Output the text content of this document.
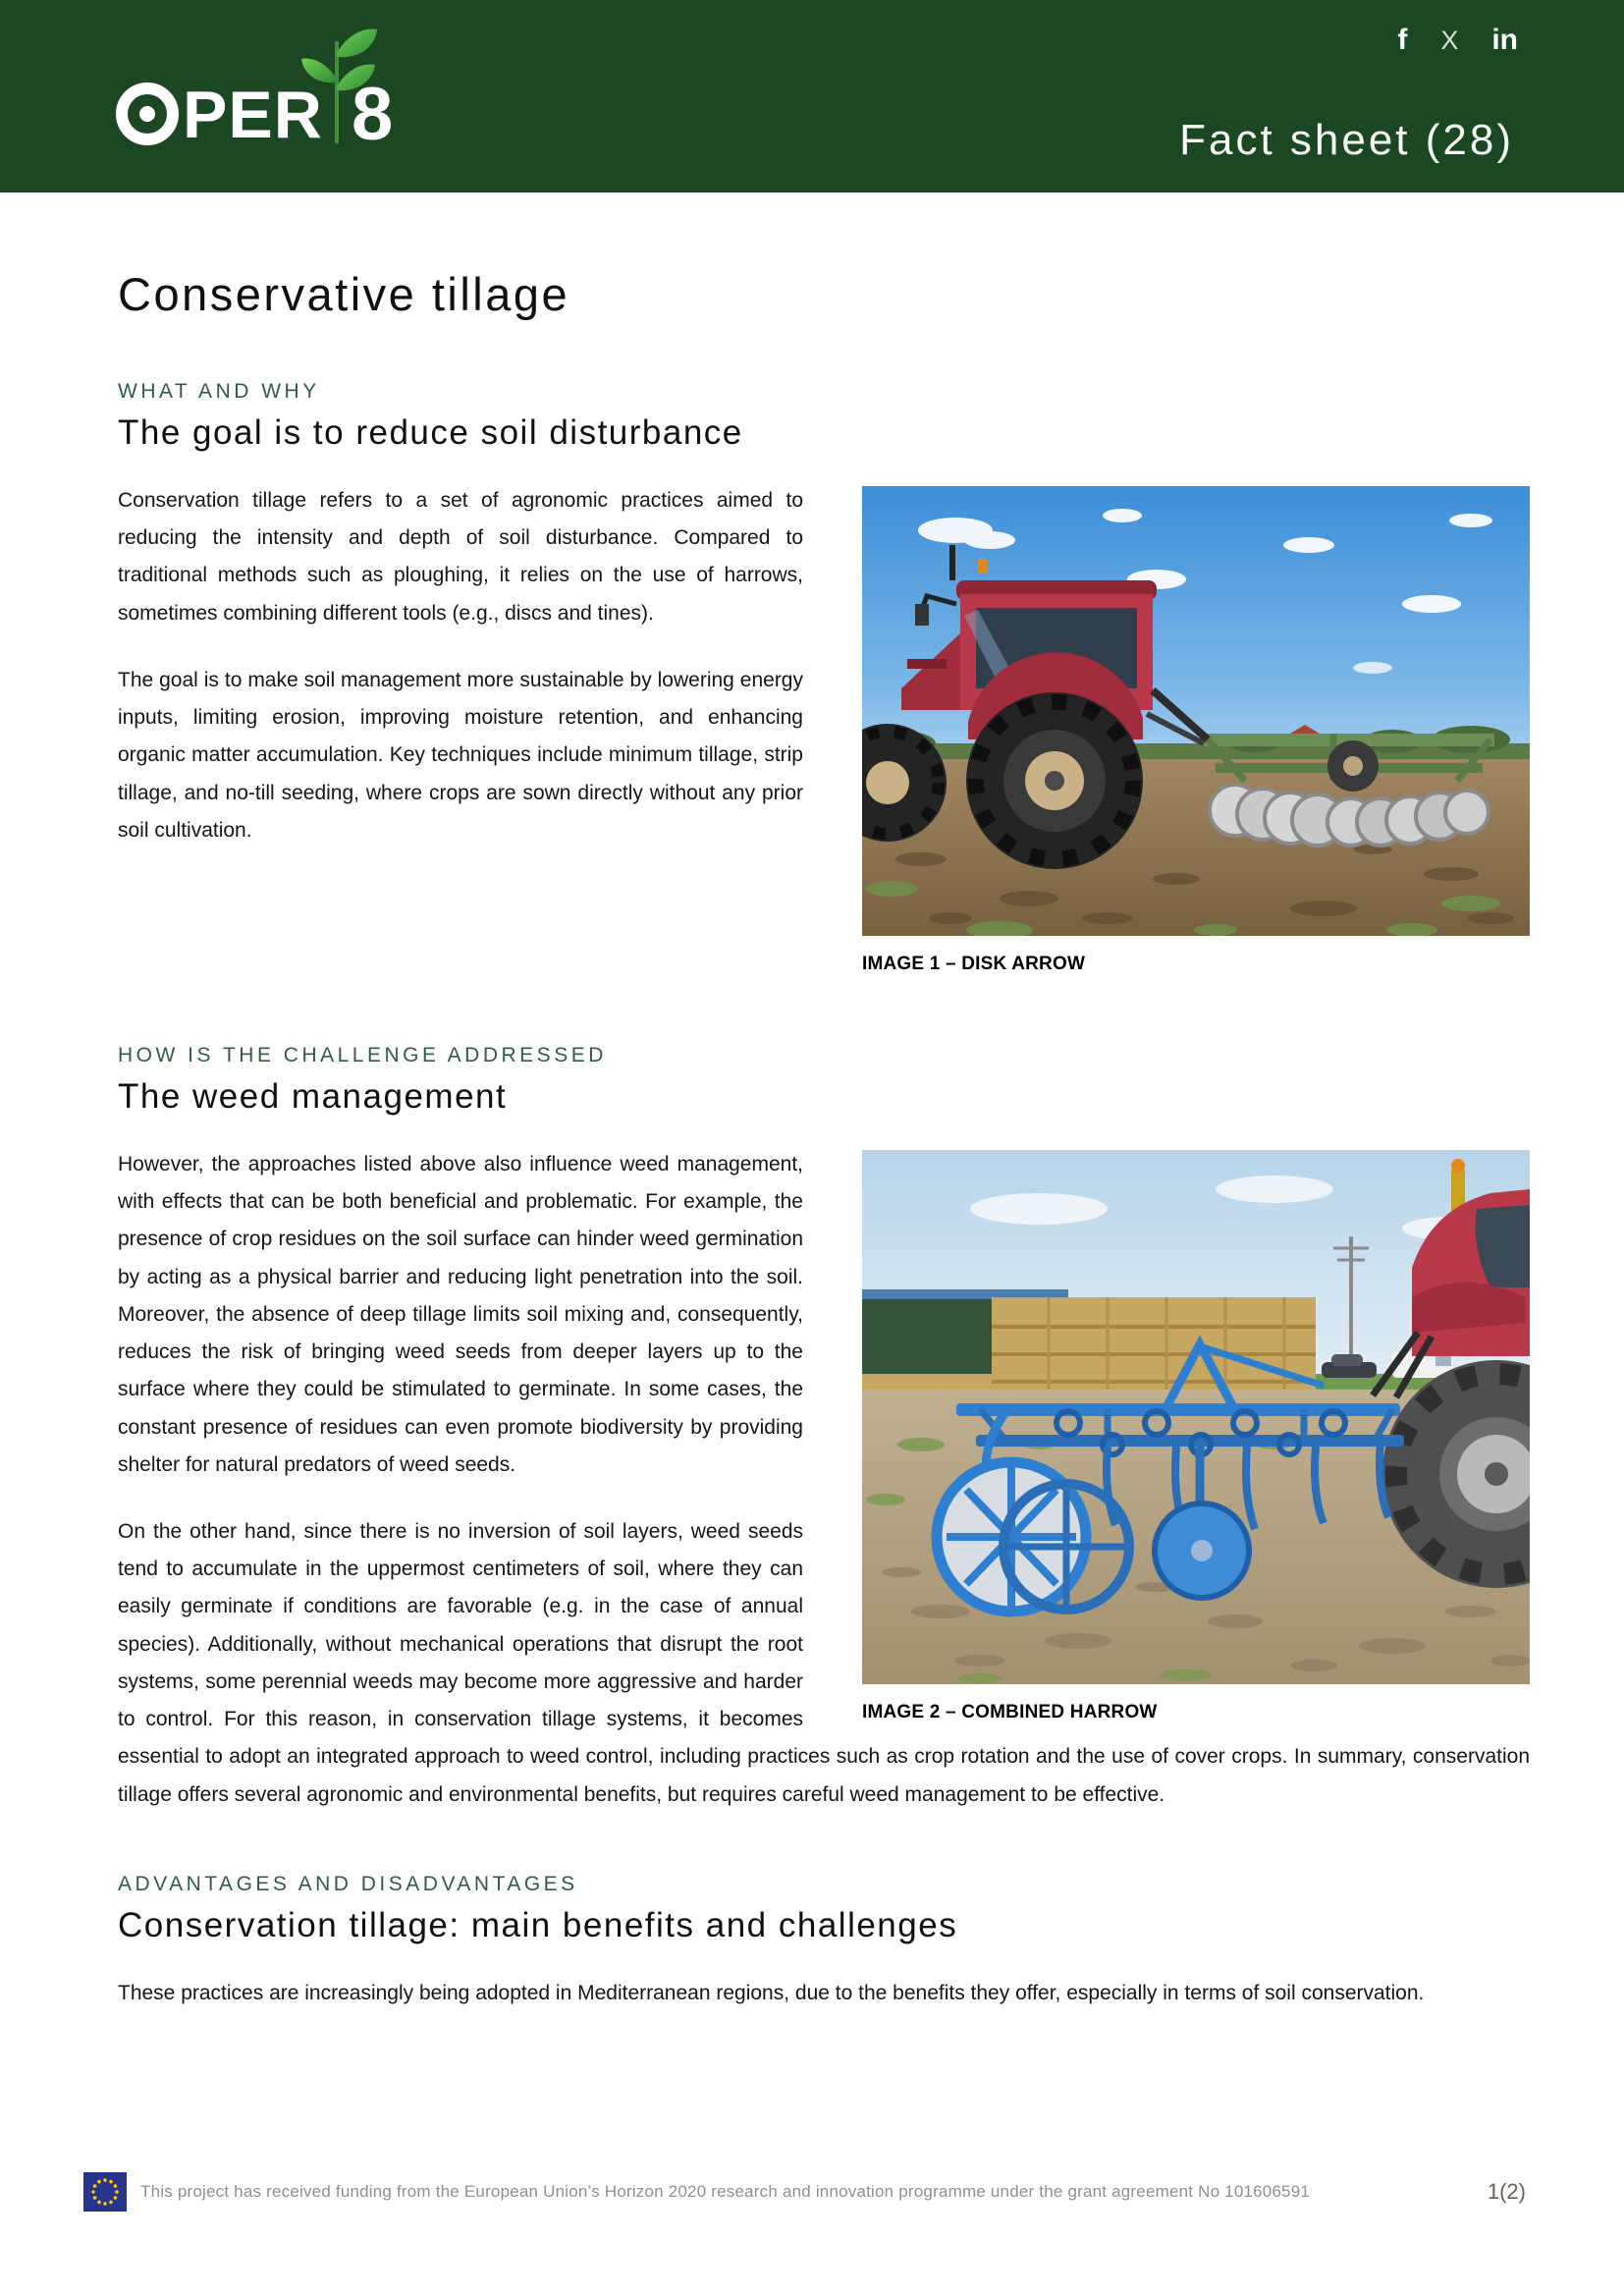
PER 8
f X in
Fact sheet (28)
Conservative tillage
WHAT AND WHY
The goal is to reduce soil disturbance
IMAGE 1 – DISK ARROW

Conservation tillage refers to a set of agronomic practices aimed to reducing the intensity and depth of soil disturbance. Compared to traditional methods such as ploughing, it relies on the use of harrows, sometimes combining different tools (e.g., discs and tines).

The goal is to make soil management more sustainable by lowering energy inputs, limiting erosion, improving moisture retention, and enhancing organic matter accumulation. Key techniques include minimum tillage, strip tillage, and no-till seeding, where crops are sown directly without any prior soil cultivation.

HOW IS THE CHALLENGE ADDRESSED
The weed management
IMAGE 2 – COMBINED HARROW

However, the approaches listed above also influence weed management, with effects that can be both beneficial and problematic. For example, the presence of crop residues on the soil surface can hinder weed germination by acting as a physical barrier and reducing light penetration into the soil. Moreover, the absence of deep tillage limits soil mixing and, consequently, reduces the risk of bringing weed seeds from deeper layers up to the surface where they could be stimulated to germinate. In some cases, the constant presence of residues can even promote biodiversity by providing shelter for natural predators of weed seeds.

On the other hand, since there is no inversion of soil layers, weed seeds tend to accumulate in the uppermost centimeters of soil, where they can easily germinate if conditions are favorable (e.g. in the case of annual species). Additionally, without mechanical operations that disrupt the root systems, some perennial weeds may become more aggressive and harder to control. For this reason, in conservation tillage systems, it becomes essential to adopt an integrated approach to weed control, including practices such as crop rotation and the use of cover crops. In summary, conservation tillage offers several agronomic and environmental benefits, but requires careful weed management to be effective.

ADVANTAGES AND DISADVANTAGES
Conservation tillage: main benefits and challenges

These practices are increasingly being adopted in Mediterranean regions, due to the benefits they offer, especially in terms of soil conservation.

This project has received funding from the European Union’s Horizon 2020 research and innovation programme under the grant agreement No 101606591	1(2)
